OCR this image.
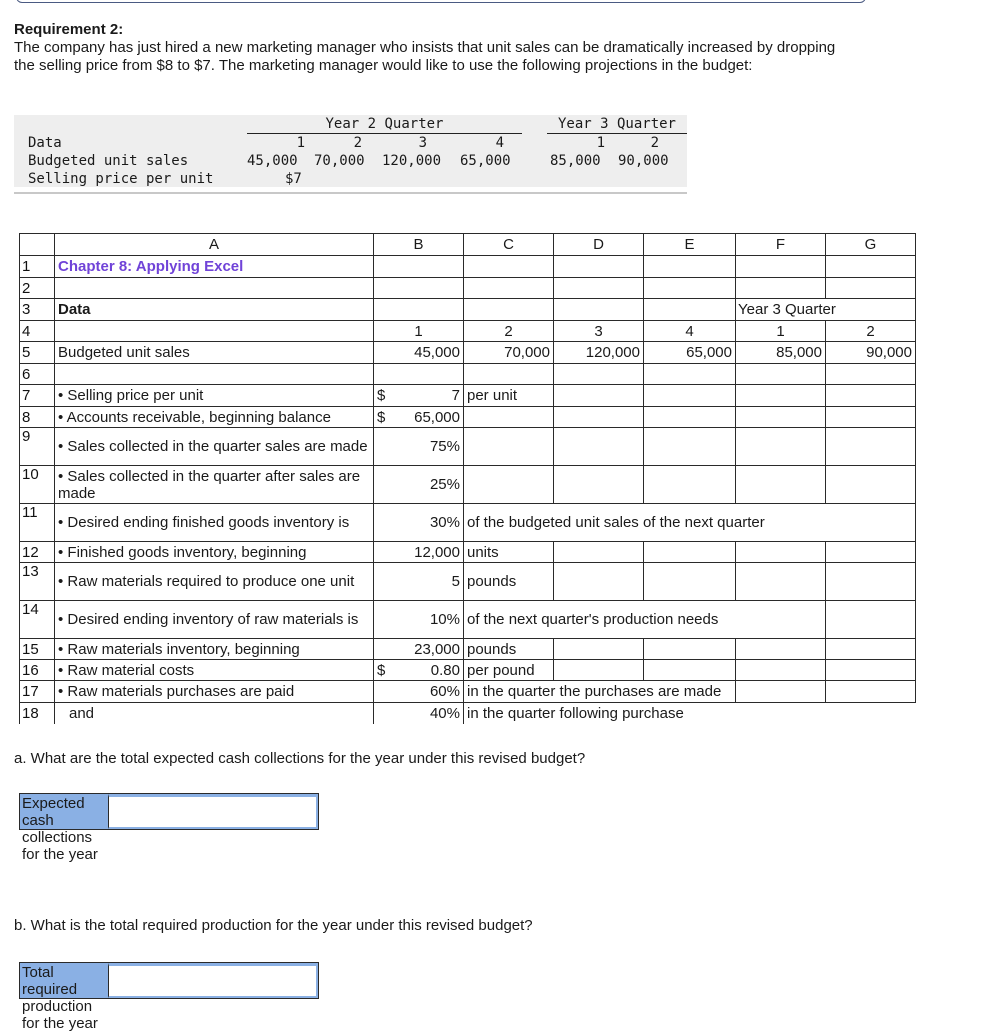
Requirement 2:
The company has just hired a new marketing manager who insists that unit sales can be dramatically increased by dropping the selling price from $8 to $7. The marketing manager would like to use the following projections in the budget:
Year 2 Quarter	Year 3 Quarter
Data	1	2	3	4	1	2
Budgeted unit sales	45,000 70,000 120,000 65,000	85,000 90,000
Selling price per unit	$7
	A	B	C	D	E	F	G
1	Chapter 8: Applying Excel						
2							
3	Data					Year 3 Quarter	
4		1	2	3	4	1	2
5	Budgeted unit sales	45,000	70,000	120,000	65,000	85,000	90,000
6							
7	• Selling price per unit	$ 7	per unit				
8	• Accounts receivable, beginning balance	$ 65,000					
9	• Sales collected in the quarter sales are made	75%					
10	• Sales collected in the quarter after sales are made	25%					
11	• Desired ending finished goods inventory is	30%	of the budgeted unit sales of the next quarter				
12	• Finished goods inventory, beginning	12,000	units				
13	• Raw materials required to produce one unit	5	pounds				
14	• Desired ending inventory of raw materials is	10%	of the next quarter's production needs				
15	• Raw materials inventory, beginning	23,000	pounds				
16	• Raw material costs	$ 0.80	per pound				
17	• Raw materials purchases are paid	60%	in the quarter the purchases are made				
18	and	40%	in the quarter following purchase				
a. What are the total expected cash collections for the year under this revised budget?
Expected cash collections for the year
b. What is the total required production for the year under this revised budget?
Total required production for the year
